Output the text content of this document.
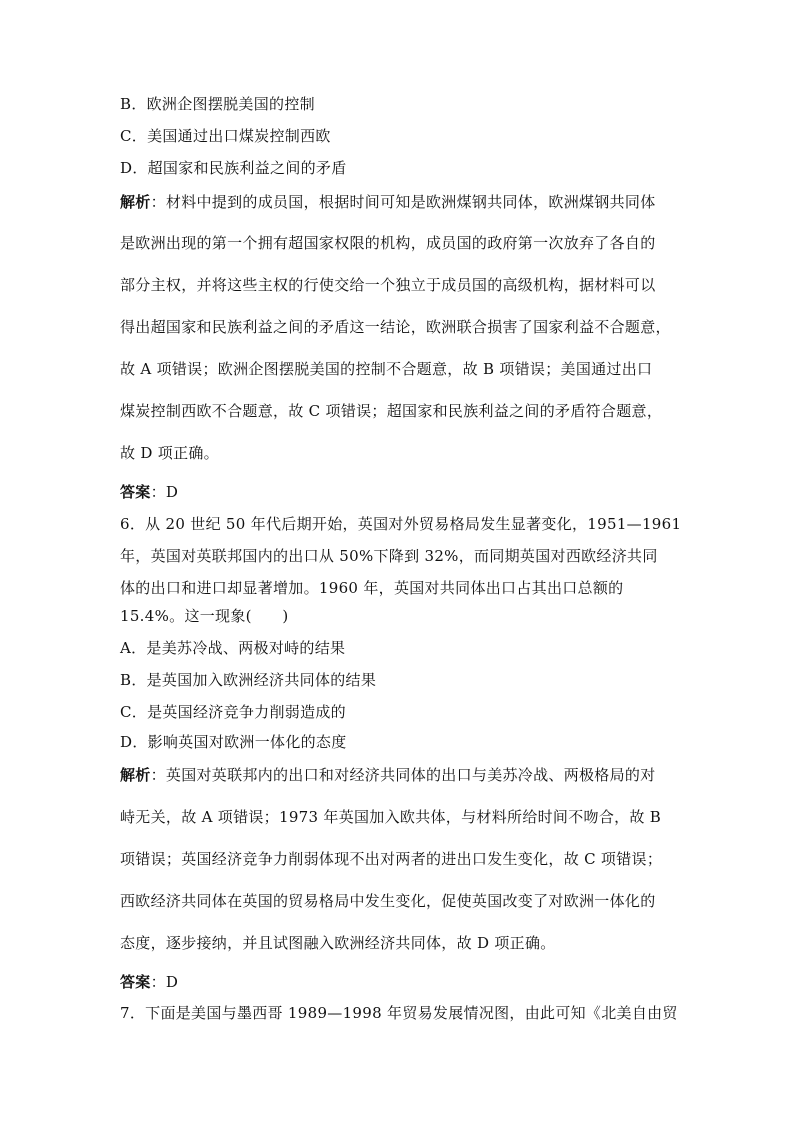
B．欧洲企图摆脱美国的控制
C．美国通过出口煤炭控制西欧
D．超国家和民族利益之间的矛盾
解析：材料中提到的成员国，根据时间可知是欧洲煤钢共同体，欧洲煤钢共同体
是欧洲出现的第一个拥有超国家权限的机构，成员国的政府第一次放弃了各自的
部分主权，并将这些主权的行使交给一个独立于成员国的高级机构，据材料可以
得出超国家和民族利益之间的矛盾这一结论，欧洲联合损害了国家利益不合题意，
故 A 项错误；欧洲企图摆脱美国的控制不合题意，故 B 项错误；美国通过出口
煤炭控制西欧不合题意，故 C 项错误；超国家和民族利益之间的矛盾符合题意，
故 D 项正确。
答案：D
6．从 20 世纪 50 年代后期开始，英国对外贸易格局发生显著变化，1951—1961
年，英国对英联邦国内的出口从 50%下降到 32%，而同期英国对西欧经济共同
体的出口和进口却显著增加。1960 年，英国对共同体出口占其出口总额的
15.4%。这一现象(　　)
A．是美苏冷战、两极对峙的结果
B．是英国加入欧洲经济共同体的结果
C．是英国经济竞争力削弱造成的
D．影响英国对欧洲一体化的态度
解析：英国对英联邦内的出口和对经济共同体的出口与美苏冷战、两极格局的对
峙无关，故 A 项错误；1973 年英国加入欧共体，与材料所给时间不吻合，故 B
项错误；英国经济竞争力削弱体现不出对两者的进出口发生变化，故 C 项错误；
西欧经济共同体在英国的贸易格局中发生变化，促使英国改变了对欧洲一体化的
态度，逐步接纳，并且试图融入欧洲经济共同体，故 D 项正确。
答案：D
7．下面是美国与墨西哥 1989—1998 年贸易发展情况图，由此可知《北美自由贸
